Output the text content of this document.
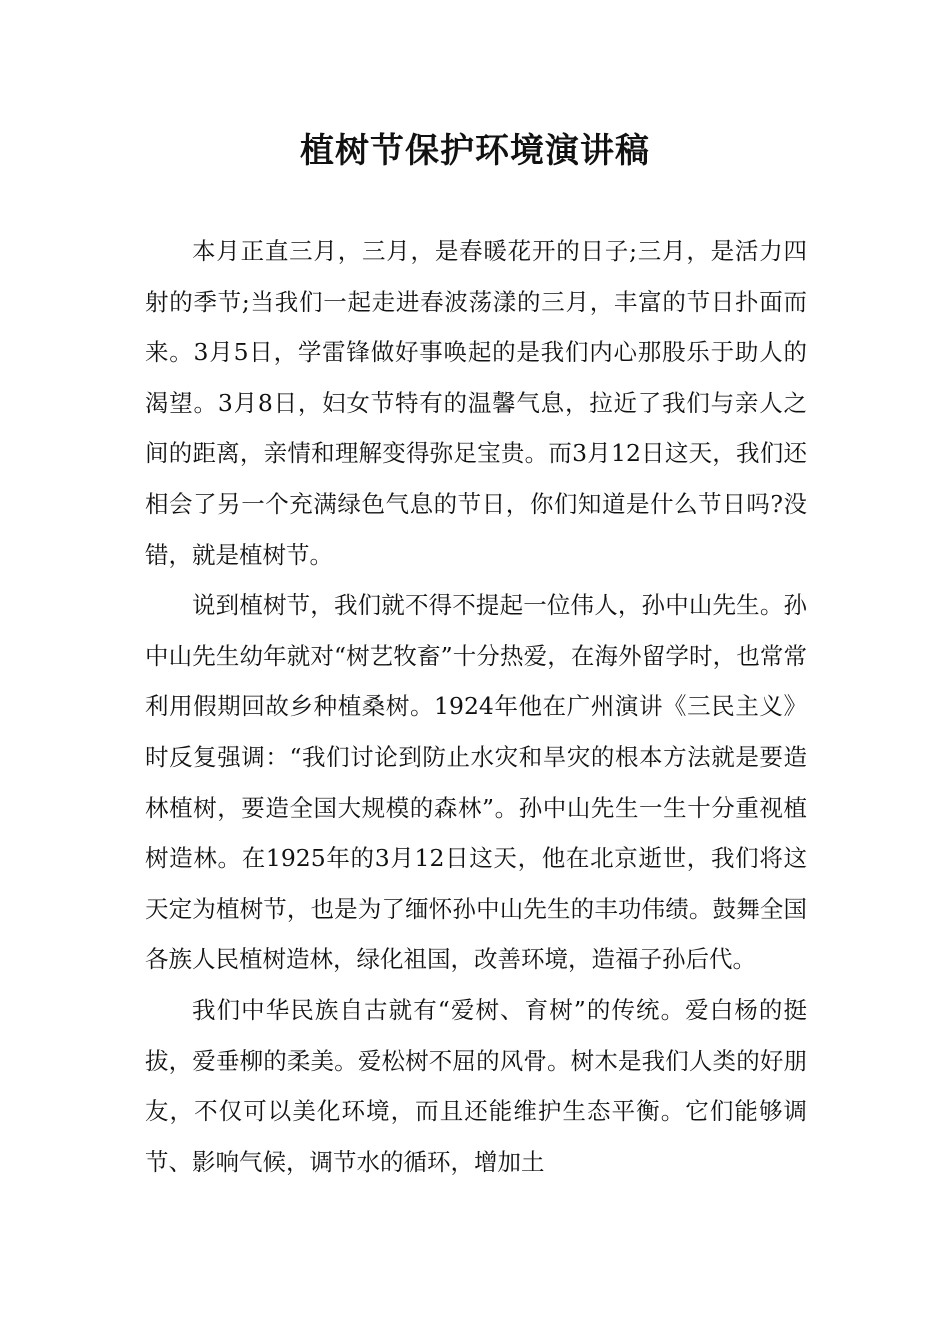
植树节保护环境演讲稿

本月正直三月，三月，是春暖花开的日子;三月，是活力四射的季节;当我们一起走进春波荡漾的三月，丰富的节日扑面而来。3月5日，学雷锋做好事唤起的是我们内心那股乐于助人的渴望。3月8日，妇女节特有的温馨气息，拉近了我们与亲人之间的距离，亲情和理解变得弥足宝贵。而3月12日这天，我们还相会了另一个充满绿色气息的节日，你们知道是什么节日吗?没错，就是植树节。

说到植树节，我们就不得不提起一位伟人，孙中山先生。孙中山先生幼年就对“树艺牧畜”十分热爱，在海外留学时，也常常利用假期回故乡种植桑树。1924年他在广州演讲《三民主义》时反复强调：“我们讨论到防止水灾和旱灾的根本方法就是要造林植树，要造全国大规模的森林”。孙中山先生一生十分重视植树造林。在1925年的3月12日这天，他在北京逝世，我们将这天定为植树节，也是为了缅怀孙中山先生的丰功伟绩。鼓舞全国各族人民植树造林，绿化祖国，改善环境，造福子孙后代。

我们中华民族自古就有“爱树、育树”的传统。爱白杨的挺拔，爱垂柳的柔美。爱松树不屈的风骨。树木是我们人类的好朋友，不仅可以美化环境，而且还能维护生态平衡。它们能够调节、影响气候，调节水的循环，增加土
